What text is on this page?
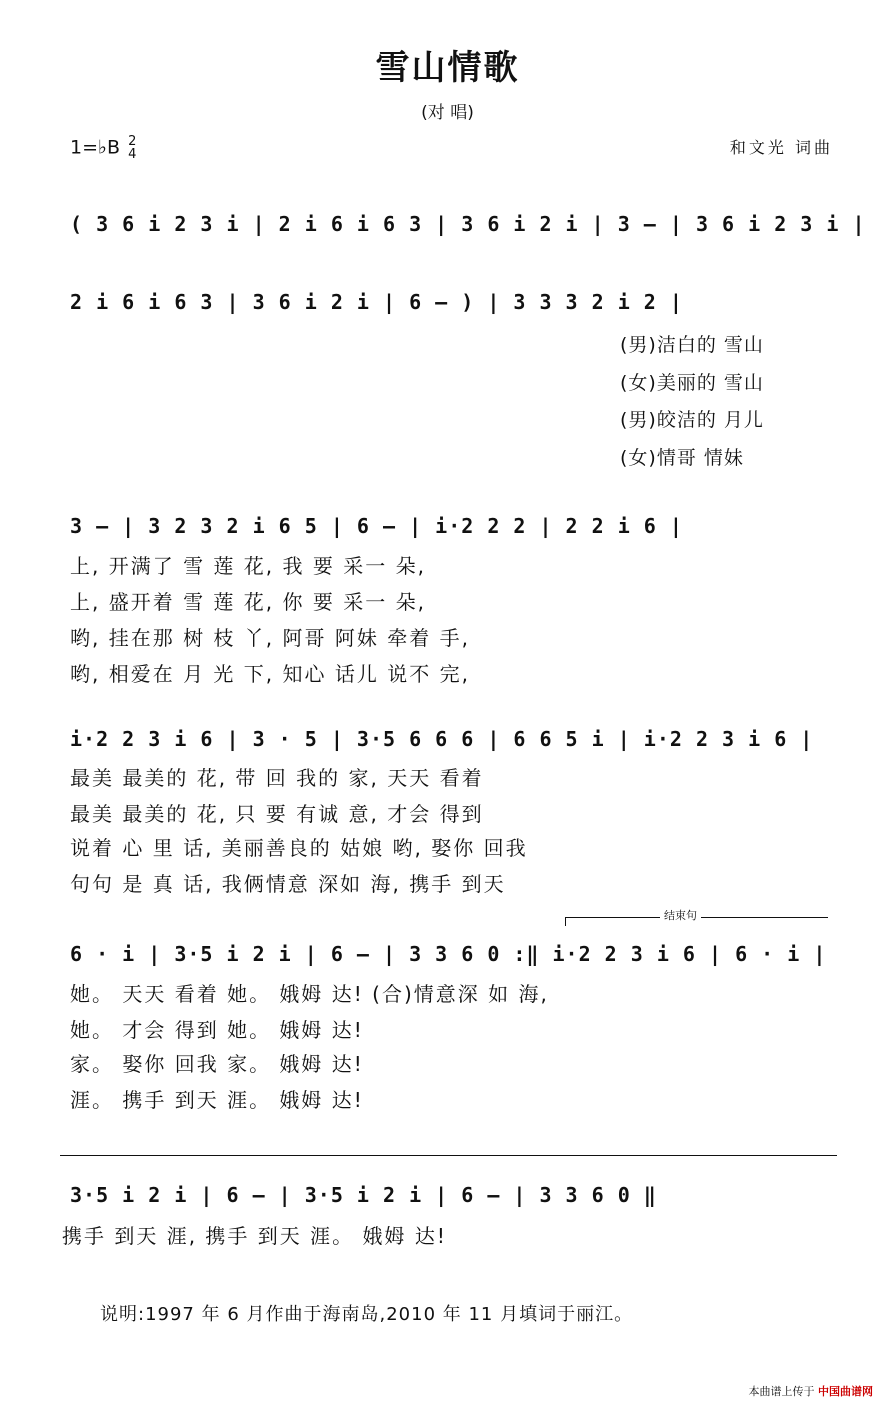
雪山情歌
(对 唱)
1=♭B 2
4	和文光 词曲
( 3 6 i 2 3 i | 2 i 6 i 6 3 | 3 6 i 2 i | 3 – | 3 6 i 2 3 i |
2 i 6 i 6 3 | 3 6 i 2 i | 6 – ) | 3 3 3 2 i 2 |
(男)洁白的 雪山
(女)美丽的 雪山
(男)皎洁的 月儿
(女)情哥 情妹
3 – | 3 2 3 2 i 6 5 | 6 – | i·2 2 2 | 2 2 i 6 |
上, 开满了 雪 莲 花, 我 要 采一 朵,
上, 盛开着 雪 莲 花, 你 要 采一 朵,
哟, 挂在那 树 枝 丫, 阿哥 阿妹 牵着 手,
哟, 相爱在 月 光 下, 知心 话儿 说不 完,
i·2 2 3 i 6 | 3 · 5 | 3·5 6 6 6 | 6 6 5 i | i·2 2 3 i 6 |
最美 最美的 花, 带 回 我的 家, 天天 看着
最美 最美的 花, 只 要 有诚 意, 才会 得到
说着 心 里 话, 美丽善良的 姑娘 哟, 娶你 回我
句句 是 真 话, 我俩情意 深如 海, 携手 到天
结束句
6 · i | 3·5 i 2 i | 6 – | 3 3 6 0 :‖ i·2 2 3 i 6 | 6 · i |
她。 天天 看着 她。 娥姆 达! (合)情意深 如 海,
她。 才会 得到 她。 娥姆 达!
家。 娶你 回我 家。 娥姆 达!
涯。 携手 到天 涯。 娥姆 达!
3·5 i 2 i | 6 – | 3·5 i 2 i | 6 – | 3 3 6 0 ‖
携手 到天 涯, 携手 到天 涯。 娥姆 达!
说明:1997 年 6 月作曲于海南岛,2010 年 11 月填词于丽江。
本曲谱上传于 中国曲谱网
